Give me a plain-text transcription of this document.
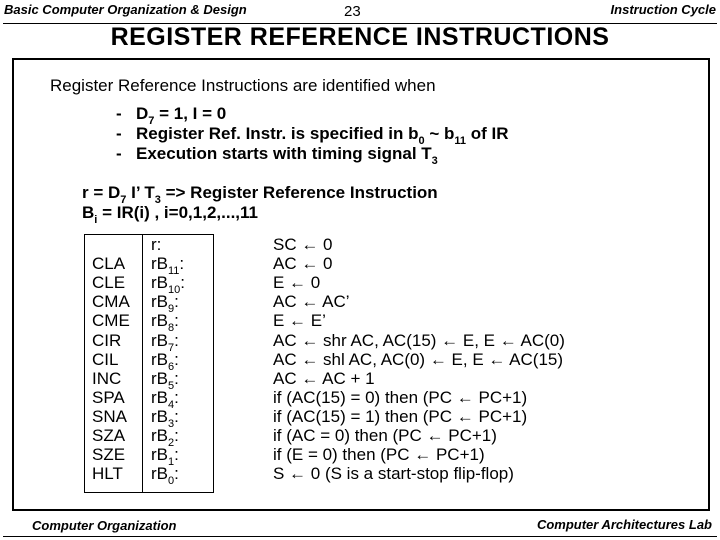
Basic Computer Organization & Design	23	Instruction Cycle
REGISTER REFERENCE INSTRUCTIONS
Register Reference Instructions are identified when
- $D_7 = 1$, I = 0
- Register Ref. Instr. is specified in $b_0$ ~ $b_{11}$ of IR
- Execution starts with timing signal $T_3$
$r = D_7$ I’ $T_3$ => Register Reference Instruction
$B_i = IR(i)$ , i=0,1,2,...,11
r:	SC ← 0
CLA $rB_{11}$:	AC ← 0
CLE $rB_{10}$:	E ← 0
CMA $rB_9$:	AC ← AC’
CME $rB_8$:	E ← E’
CIR $rB_7$:	AC ← shr AC, AC(15) ← E, E ← AC(0)
CIL $rB_6$:	AC ← shl AC, AC(0) ← E, E ← AC(15)
INC $rB_5$:	AC ← AC + 1
SPA $rB_4$:	if (AC(15) = 0) then (PC ← PC+1)
SNA $rB_3$:	if (AC(15) = 1) then (PC ← PC+1)
SZA $rB_2$:	if (AC = 0) then (PC ← PC+1)
SZE $rB_1$:	if (E = 0) then (PC ← PC+1)
HLT $rB_0$:	S ← 0 (S is a start-stop flip-flop)
Computer Organization	Computer Architectures Lab
